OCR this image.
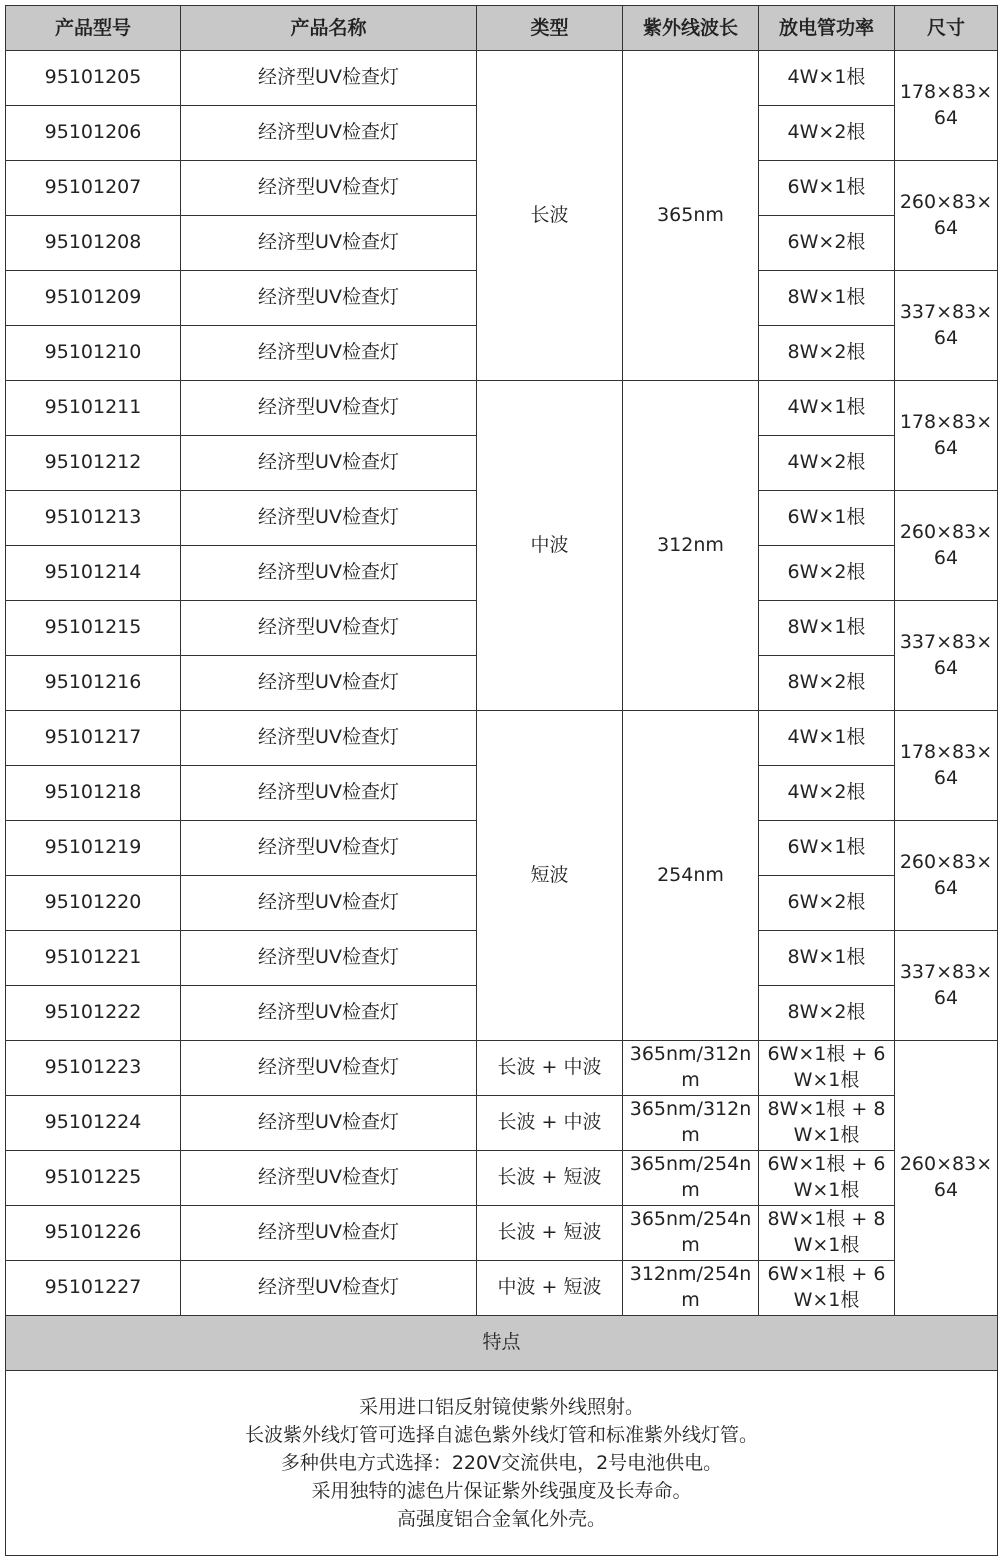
产品型号	产品名称	类型	紫外线波长	放电管功率	尺寸
95101205	经济型UV检查灯	长波	365nm	4W×1根	178×83×64
95101206	经济型UV检查灯			4W×2根	
95101207	经济型UV检查灯			6W×1根	260×83×64
95101208	经济型UV检查灯			6W×2根	
95101209	经济型UV检查灯			8W×1根	337×83×64
95101210	经济型UV检查灯			8W×2根	
95101211	经济型UV检查灯	中波	312nm	4W×1根	178×83×64
95101212	经济型UV检查灯			4W×2根	
95101213	经济型UV检查灯			6W×1根	260×83×64
95101214	经济型UV检查灯			6W×2根	
95101215	经济型UV检查灯			8W×1根	337×83×64
95101216	经济型UV检查灯			8W×2根	
95101217	经济型UV检查灯	短波	254nm	4W×1根	178×83×64
95101218	经济型UV检查灯			4W×2根	
95101219	经济型UV检查灯			6W×1根	260×83×64
95101220	经济型UV检查灯			6W×2根	
95101221	经济型UV检查灯			8W×1根	337×83×64
95101222	经济型UV检查灯			8W×2根	
95101223	经济型UV检查灯	长波 + 中波	365nm/312nm	6W×1根 + 6W×1根	260×83×64
95101224	经济型UV检查灯	长波 + 中波	365nm/312nm	8W×1根 + 8W×1根	
95101225	经济型UV检查灯	长波 + 短波	365nm/254nm	6W×1根 + 6W×1根	
95101226	经济型UV检查灯	长波 + 短波	365nm/254nm	8W×1根 + 8W×1根	
95101227	经济型UV检查灯	中波 + 短波	312nm/254nm	6W×1根 + 6W×1根	
特点					

采用进口铝反射镜使紫外线照射。
长波紫外线灯管可选择自滤色紫外线灯管和标准紫外线灯管。
多种供电方式选择：220V交流供电，2号电池供电。
采用独特的滤色片保证紫外线强度及长寿命。
高强度铝合金氧化外壳。					
